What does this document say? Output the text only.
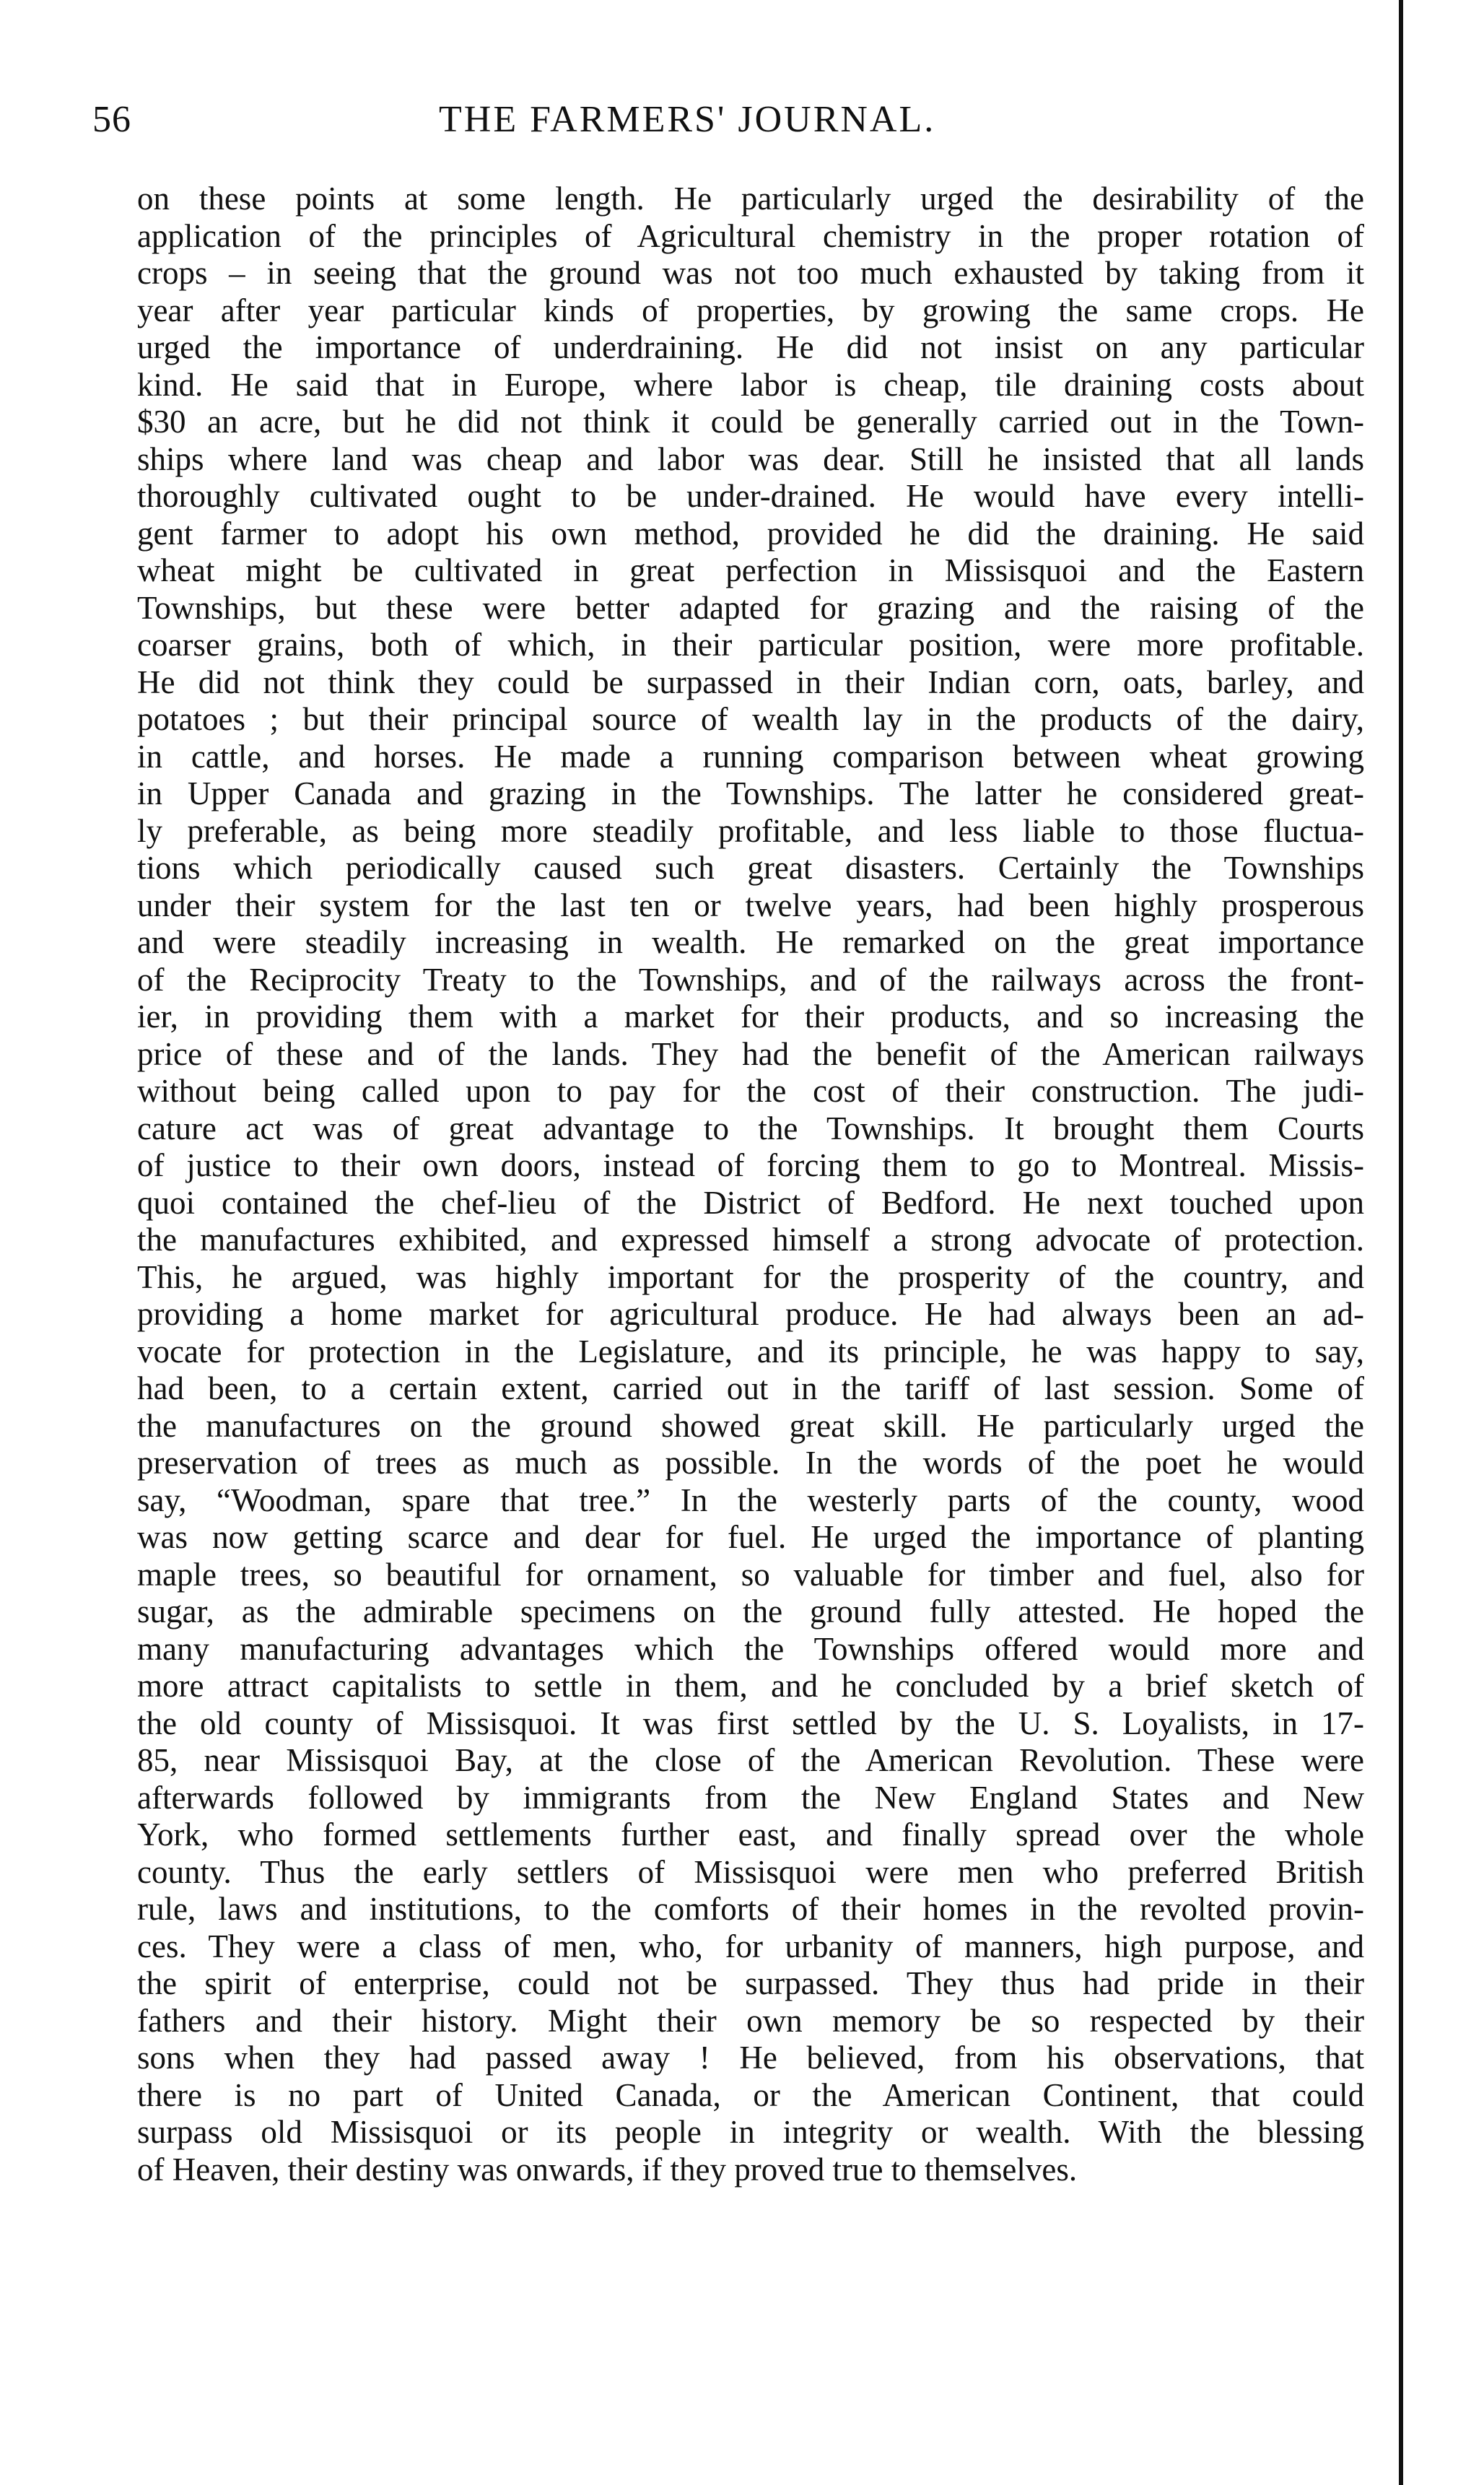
56	THE FARMERS' JOURNAL.
on these points at some length. He particularly urged the desirability of the
application of the principles of Agricultural chemistry in the proper rotation of
crops – in seeing that the ground was not too much exhausted by taking from it
year after year particular kinds of properties, by growing the same crops. He
urged the importance of underdraining. He did not insist on any particular
kind. He said that in Europe, where labor is cheap, tile draining costs about
$30 an acre, but he did not think it could be generally carried out in the Town-
ships where land was cheap and labor was dear. Still he insisted that all lands
thoroughly cultivated ought to be under-drained. He would have every intelli-
gent farmer to adopt his own method, provided he did the draining. He said
wheat might be cultivated in great perfection in Missisquoi and the Eastern
Townships, but these were better adapted for grazing and the raising of the
coarser grains, both of which, in their particular position, were more profitable.
He did not think they could be surpassed in their Indian corn, oats, barley, and
potatoes ; but their principal source of wealth lay in the products of the dairy,
in cattle, and horses. He made a running comparison between wheat growing
in Upper Canada and grazing in the Townships. The latter he considered great-
ly preferable, as being more steadily profitable, and less liable to those fluctua-
tions which periodically caused such great disasters. Certainly the Townships
under their system for the last ten or twelve years, had been highly prosperous
and were steadily increasing in wealth. He remarked on the great importance
of the Reciprocity Treaty to the Townships, and of the railways across the front-
ier, in providing them with a market for their products, and so increasing the
price of these and of the lands. They had the benefit of the American railways
without being called upon to pay for the cost of their construction. The judi-
cature act was of great advantage to the Townships. It brought them Courts
of justice to their own doors, instead of forcing them to go to Montreal. Missis-
quoi contained the chef-lieu of the District of Bedford. He next touched upon
the manufactures exhibited, and expressed himself a strong advocate of protection.
This, he argued, was highly important for the prosperity of the country, and
providing a home market for agricultural produce. He had always been an ad-
vocate for protection in the Legislature, and its principle, he was happy to say,
had been, to a certain extent, carried out in the tariff of last session. Some of
the manufactures on the ground showed great skill. He particularly urged the
preservation of trees as much as possible. In the words of the poet he would
say, “Woodman, spare that tree.” In the westerly parts of the county, wood
was now getting scarce and dear for fuel. He urged the importance of planting
maple trees, so beautiful for ornament, so valuable for timber and fuel, also for
sugar, as the admirable specimens on the ground fully attested. He hoped the
many manufacturing advantages which the Townships offered would more and
more attract capitalists to settle in them, and he concluded by a brief sketch of
the old county of Missisquoi. It was first settled by the U. S. Loyalists, in 17-
85, near Missisquoi Bay, at the close of the American Revolution. These were
afterwards followed by immigrants from the New England States and New
York, who formed settlements further east, and finally spread over the whole
county. Thus the early settlers of Missisquoi were men who preferred British
rule, laws and institutions, to the comforts of their homes in the revolted provin-
ces. They were a class of men, who, for urbanity of manners, high purpose, and
the spirit of enterprise, could not be surpassed. They thus had pride in their
fathers and their history. Might their own memory be so respected by their
sons when they had passed away ! He believed, from his observations, that
there is no part of United Canada, or the American Continent, that could
surpass old Missisquoi or its people in integrity or wealth. With the blessing
of Heaven, their destiny was onwards, if they proved true to themselves.
